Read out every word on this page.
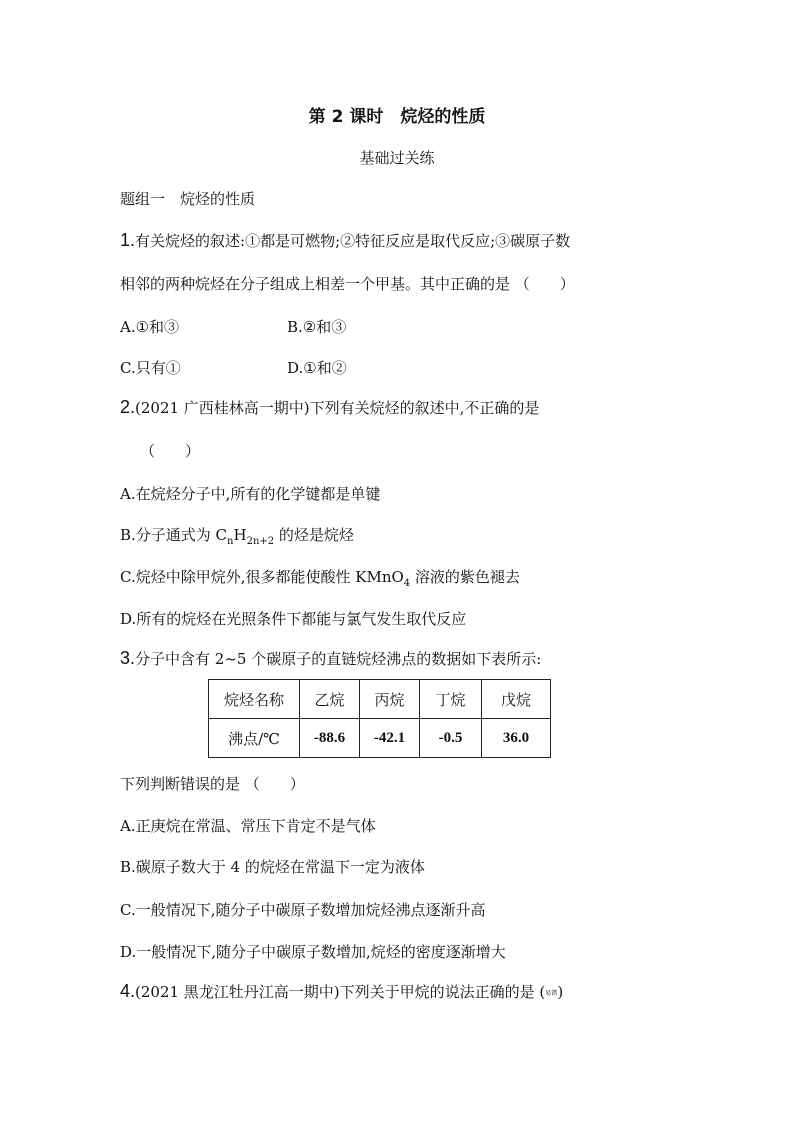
第 2 课时　烷烃的性质
基础过关练
题组一　烷烃的性质
1.有关烷烃的叙述:①都是可燃物;②特征反应是取代反应;③碳原子数
相邻的两种烷烃在分子组成上相差一个甲基。其中正确的是 （　　）
A.①和③	B.②和③
C.只有①	D.①和②
2.(2021 广西桂林高一期中)下列有关烷烃的叙述中,不正确的是
（　　）
A.在烷烃分子中,所有的化学键都是单键
B.分子通式为 $C_nH_{2n+2}$ 的烃是烷烃
C.烷烃中除甲烷外,很多都能使酸性 KMnO$_4$ 溶液的紫色褪去
D.所有的烷烃在光照条件下都能与氯气发生取代反应
3.分子中含有 2~5 个碳原子的直链烷烃沸点的数据如下表所示:
烷烃名称	乙烷	丙烷	丁烷	戊烷
沸点/℃	-88.6	-42.1	-0.5	36.0
下列判断错误的是 （　　）
A.正庚烷在常温、常压下肯定不是气体
B.碳原子数大于 4 的烷烃在常温下一定为液体
C.一般情况下,随分子中碳原子数增加烷烃沸点逐渐升高
D.一般情况下,随分子中碳原子数增加,烷烃的密度逐渐增大
4.(2021 黑龙江牡丹江高一期中)下列关于甲烷的说法正确的是 (易错)
